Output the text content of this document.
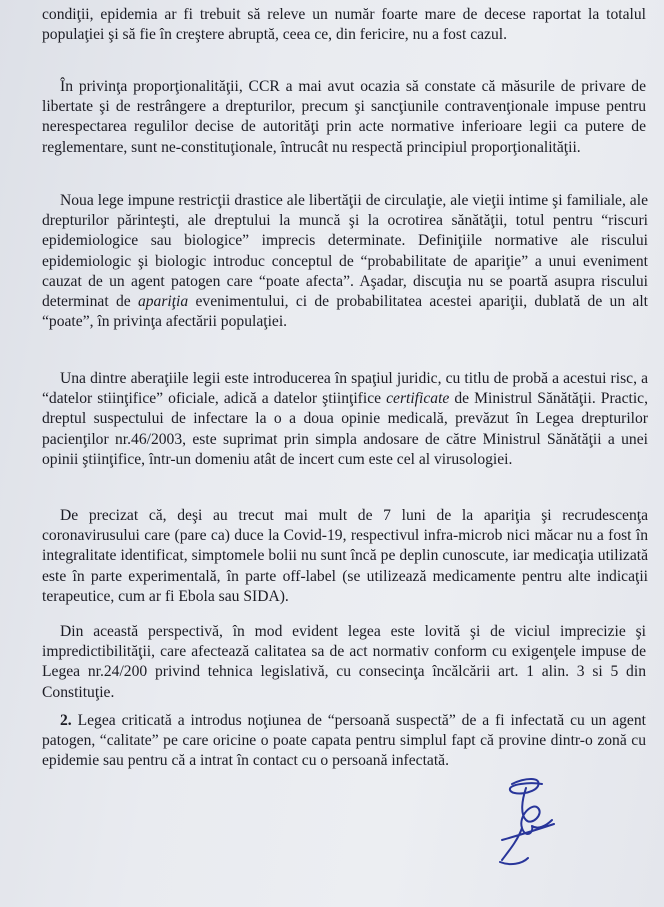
condiţii, epidemia ar fi trebuit să releve un număr foarte mare de decese raportat la totalul populaţiei şi să fie în creştere abruptă, ceea ce, din fericire, nu a fost cazul.

În privinţa proporţionalităţii, CCR a mai avut ocazia să constate că măsurile de privare de libertate şi de restrângere a drepturilor, precum şi sancţiunile contravenţionale impuse pentru nerespectarea regulilor decise de autorităţi prin acte normative inferioare legii ca putere de reglementare, sunt ne-constituţionale, întrucât nu respectă principiul proporţionalităţii.

Noua lege impune restricţii drastice ale libertăţii de circulaţie, ale vieţii intime şi familiale, ale drepturilor părinteşti, ale dreptului la muncă şi la ocrotirea sănătăţii, totul pentru “riscuri epidemiologice sau biologice” imprecis determinate. Definiţiile normative ale riscului epidemiologic şi biologic introduc conceptul de “probabilitate de apariţie” a unui eveniment cauzat de un agent patogen care “poate afecta”. Aşadar, discuţia nu se poartă asupra riscului determinat de apariţia evenimentului, ci de probabilitatea acestei apariţii, dublată de un alt “poate”, în privinţa afectării populaţiei.

Una dintre aberaţiile legii este introducerea în spaţiul juridic, cu titlu de probă a acestui risc, a “datelor stiinţifice” oficiale, adică a datelor ştiinţifice certificate de Ministrul Sănătăţii. Practic, dreptul suspectului de infectare la o a doua opinie medicală, prevăzut în Legea drepturilor pacienţilor nr.46/2003, este suprimat prin simpla andosare de către Ministrul Sănătăţii a unei opinii ştiinţifice, într-un domeniu atât de incert cum este cel al virusologiei.

De precizat că, deşi au trecut mai mult de 7 luni de la apariţia şi recrudescenţa coronavirusului care (pare ca) duce la Covid-19, respectivul infra-microb nici măcar nu a fost în integralitate identificat, simptomele bolii nu sunt încă pe deplin cunoscute, iar medicaţia utilizată este în parte experimentală, în parte off-label (se utilizează medicamente pentru alte indicaţii terapeutice, cum ar fi Ebola sau SIDA).

Din această perspectivă, în mod evident legea este lovită şi de viciul imprecizie şi impredictibilităţii, care afectează calitatea sa de act normativ conform cu exigenţele impuse de Legea nr.24/200 privind tehnica legislativă, cu consecinţa încălcării art. 1 alin. 3 si 5 din Constituţie.

2. Legea criticată a introdus noţiunea de “persoană suspectă” de a fi infectată cu un agent patogen, “calitate” pe care oricine o poate capata pentru simplul fapt că provine dintr-o zonă cu epidemie sau pentru că a intrat în contact cu o persoană infectată.
